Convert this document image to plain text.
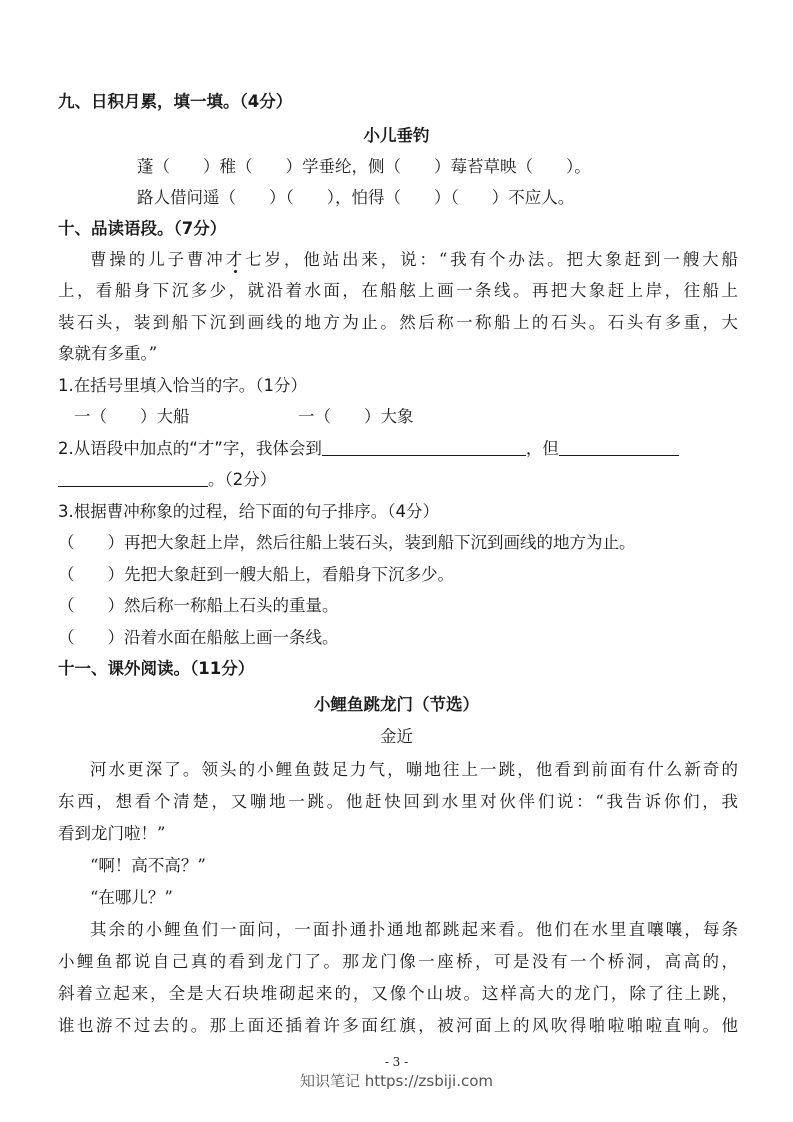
九、日积月累，填一填。（4分）
小儿垂钓
蓬（　　）稚（　　）学垂纶，侧（　　）莓苔草映（　　）。
路人借问遥（　　）（　　），怕得（　　）（　　）不应人。
十、品读语段。（7分）
曹操的儿子曹冲才
七岁，他站出来，说：“我有个办法。把大象赶到一艘大船
上，看船身下沉多少，就沿着水面，在船舷上画一条线。再把大象赶上岸，往船上
装石头，装到船下沉到画线的地方为止。然后称一称船上的石头。石头有多重，大
象就有多重。”
1.在括号里填入恰当的字。（1分）
一（　　）大船	一（　　）大象
2.从语段中加点的“才”字，我体会到	，但
。（2分）
3.根据曹冲称象的过程，给下面的句子排序。（4分）
（　　）再把大象赶上岸，然后往船上装石头，装到船下沉到画线的地方为止。
（　　）先把大象赶到一艘大船上，看船身下沉多少。
（　　）然后称一称船上石头的重量。
（　　）沿着水面在船舷上画一条线。
十一、课外阅读。（11分）
小鲤鱼跳龙门（节选）
金近
河水更深了。领头的小鲤鱼鼓足力气，嘣地往上一跳，他看到前面有什么新奇的
东西，想看个清楚，又嘣地一跳。他赶快回到水里对伙伴们说：“我告诉你们，我
看到龙门啦！”
“啊！高不高？”
“在哪儿？”
其余的小鲤鱼们一面问，一面扑通扑通地都跳起来看。他们在水里直嚷嚷，每条
小鲤鱼都说自己真的看到龙门了。那龙门像一座桥，可是没有一个桥洞，高高的，
斜着立起来，全是大石块堆砌起来的，又像个山坡。这样高大的龙门，除了往上跳，
谁也游不过去的。那上面还插着许多面红旗，被河面上的风吹得啪啦啪啦直响。他
- 3 -
知识笔记 https://zsbiji.com
